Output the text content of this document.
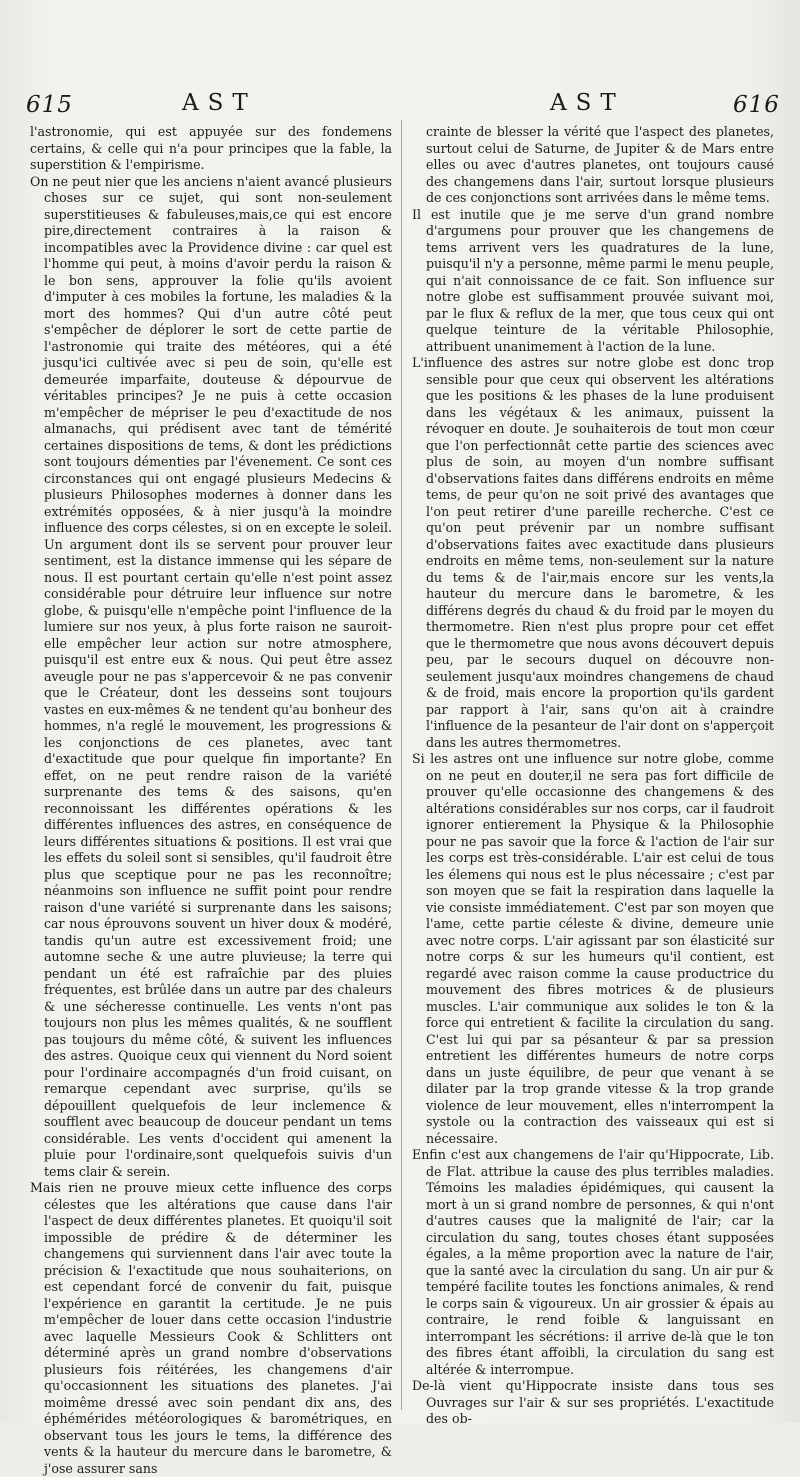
615	AST	AST	616

l'astronomie, qui est appuyée sur des fondemens certains, & celle qui n'a pour principes que la fable, la superstition & l'empirisme.

On ne peut nier que les anciens n'aient avancé plusieurs choses sur ce sujet, qui sont non-seulement superstitieuses & fabuleuses,mais,ce qui est encore pire,directement contraires à la raison & incompatibles avec la Providence divine : car quel est l'homme qui peut, à moins d'avoir perdu la raison & le bon sens, approuver la folie qu'ils avoient d'imputer à ces mobiles la fortune, les maladies & la mort des hommes? Qui d'un autre côté peut s'empêcher de déplorer le sort de cette partie de l'astronomie qui traite des météores, qui a été jusqu'ici cultivée avec si peu de soin, qu'elle est demeurée imparfaite, douteuse & dépourvue de véritables principes? Je ne puis à cette occasion m'empêcher de mépriser le peu d'exactitude de nos almanachs, qui prédisent avec tant de témérité certaines dispositions de tems, & dont les prédictions sont toujours démenties par l'évenement. Ce sont ces circonstances qui ont engagé plusieurs Medecins & plusieurs Philosophes modernes à donner dans les extrémités opposées, & à nier jusqu'à la moindre influence des corps célestes, si on en excepte le soleil. Un argument dont ils se servent pour prouver leur sentiment, est la distance immense qui les sépare de nous. Il est pourtant certain qu'elle n'est point assez considérable pour détruire leur influence sur notre globe, & puisqu'elle n'empêche point l'influence de la lumiere sur nos yeux, à plus forte raison ne sauroit-elle empêcher leur action sur notre atmosphere, puisqu'il est entre eux & nous. Qui peut être assez aveugle pour ne pas s'appercevoir & ne pas convenir que le Créateur, dont les desseins sont toujours vastes en eux-mêmes & ne tendent qu'au bonheur des hommes, n'a reglé le mouvement, les progressions & les conjonctions de ces planetes, avec tant d'exactitude que pour quelque fin importante? En effet, on ne peut rendre raison de la variété surprenante des tems & des saisons, qu'en reconnoissant les différentes opérations & les différentes influences des astres, en conséquence de leurs différentes situations & positions. Il est vrai que les effets du soleil sont si sensibles, qu'il faudroit être plus que sceptique pour ne pas les reconnoître; néanmoins son influence ne suffit point pour rendre raison d'une variété si surprenante dans les saisons; car nous éprouvons souvent un hiver doux & modéré, tandis qu'un autre est excessivement froid; une automne seche & une autre pluvieuse; la terre qui pendant un été est rafraîchie par des pluies fréquentes, est brûlée dans un autre par des chaleurs & une sécheresse continuelle. Les vents n'ont pas toujours non plus les mêmes qualités, & ne soufflent pas toujours du même côté, & suivent les influences des astres. Quoique ceux qui viennent du Nord soient pour l'ordinaire accompagnés d'un froid cuisant, on remarque cependant avec surprise, qu'ils se dépouillent quelquefois de leur inclemence & soufflent avec beaucoup de douceur pendant un tems considérable. Les vents d'occident qui amenent la pluie pour l'ordinaire,sont quelquefois suivis d'un tems clair & serein.

Mais rien ne prouve mieux cette influence des corps célestes que les altérations que cause dans l'air l'aspect de deux différentes planetes. Et quoiqu'il soit impossible de prédire & de déterminer les changemens qui surviennent dans l'air avec toute la précision & l'exactitude que nous souhaiterions, on est cependant forcé de convenir du fait, puisque l'expérience en garantit la certitude. Je ne puis m'empêcher de louer dans cette occasion l'industrie avec laquelle Messieurs Cook & Schlitters ont déterminé après un grand nombre d'observations plusieurs fois réitérées, les changemens d'air qu'occasionnent les situations des planetes. J'ai moimême dressé avec soin pendant dix ans, des éphémérides météorologiques & barométriques, en observant tous les jours le tems, la différence des vents & la hauteur du mercure dans le barometre, & j'ose assurer sans

crainte de blesser la vérité que l'aspect des planetes, surtout celui de Saturne, de Jupiter & de Mars entre elles ou avec d'autres planetes, ont toujours causé des changemens dans l'air, surtout lorsque plusieurs de ces conjonctions sont arrivées dans le même tems.

Il est inutile que je me serve d'un grand nombre d'argumens pour prouver que les changemens de tems arrivent vers les quadratures de la lune, puisqu'il n'y a personne, même parmi le menu peuple, qui n'ait connoissance de ce fait. Son influence sur notre globe est suffisamment prouvée suivant moi, par le flux & reflux de la mer, que tous ceux qui ont quelque teinture de la véritable Philosophie, attribuent unanimement à l'action de la lune.

L'influence des astres sur notre globe est donc trop sensible pour que ceux qui observent les altérations que les positions & les phases de la lune produisent dans les végétaux & les animaux, puissent la révoquer en doute. Je souhaiterois de tout mon cœur que l'on perfectionnât cette partie des sciences avec plus de soin, au moyen d'un nombre suffisant d'observations faites dans différens endroits en même tems, de peur qu'on ne soit privé des avantages que l'on peut retirer d'une pareille recherche. C'est ce qu'on peut prévenir par un nombre suffisant d'observations faites avec exactitude dans plusieurs endroits en même tems, non-seulement sur la nature du tems & de l'air,mais encore sur les vents,la hauteur du mercure dans le barometre, & les différens degrés du chaud & du froid par le moyen du thermometre. Rien n'est plus propre pour cet effet que le thermometre que nous avons découvert depuis peu, par le secours duquel on découvre non-seulement jusqu'aux moindres changemens de chaud & de froid, mais encore la proportion qu'ils gardent par rapport à l'air, sans qu'on ait à craindre l'influence de la pesanteur de l'air dont on s'apperçoit dans les autres thermometres.

Si les astres ont une influence sur notre globe, comme on ne peut en douter,il ne sera pas fort difficile de prouver qu'elle occasionne des changemens & des altérations considérables sur nos corps, car il faudroit ignorer entierement la Physique & la Philosophie pour ne pas savoir que la force & l'action de l'air sur les corps est très-considérable. L'air est celui de tous les élemens qui nous est le plus nécessaire ; c'est par son moyen que se fait la respiration dans laquelle la vie consiste immédiatement. C'est par son moyen que l'ame, cette partie céleste & divine, demeure unie avec notre corps. L'air agissant par son élasticité sur notre corps & sur les humeurs qu'il contient, est regardé avec raison comme la cause productrice du mouvement des fibres motrices & de plusieurs muscles. L'air communique aux solides le ton & la force qui entretient & facilite la circulation du sang. C'est lui qui par sa pésanteur & par sa pression entretient les différentes humeurs de notre corps dans un juste équilibre, de peur que venant à se dilater par la trop grande vitesse & la trop grande violence de leur mouvement, elles n'interrompent la systole ou la contraction des vaisseaux qui est si nécessaire.

Enfin c'est aux changemens de l'air qu'Hippocrate, Lib. de Flat. attribue la cause des plus terribles maladies. Témoins les maladies épidémiques, qui causent la mort à un si grand nombre de personnes, & qui n'ont d'autres causes que la malignité de l'air; car la circulation du sang, toutes choses étant supposées égales, a la même proportion avec la nature de l'air, que la santé avec la circulation du sang. Un air pur & tempéré facilite toutes les fonctions animales, & rend le corps sain & vigoureux. Un air grossier & épais au contraire, le rend foible & languissant en interrompant les sécrétions: il arrive de-là que le ton des fibres étant affoibli, la circulation du sang est altérée & interrompue.

De-là vient qu'Hippocrate insiste dans tous ses Ouvrages sur l'air & sur ses propriétés. L'exactitude des ob-
